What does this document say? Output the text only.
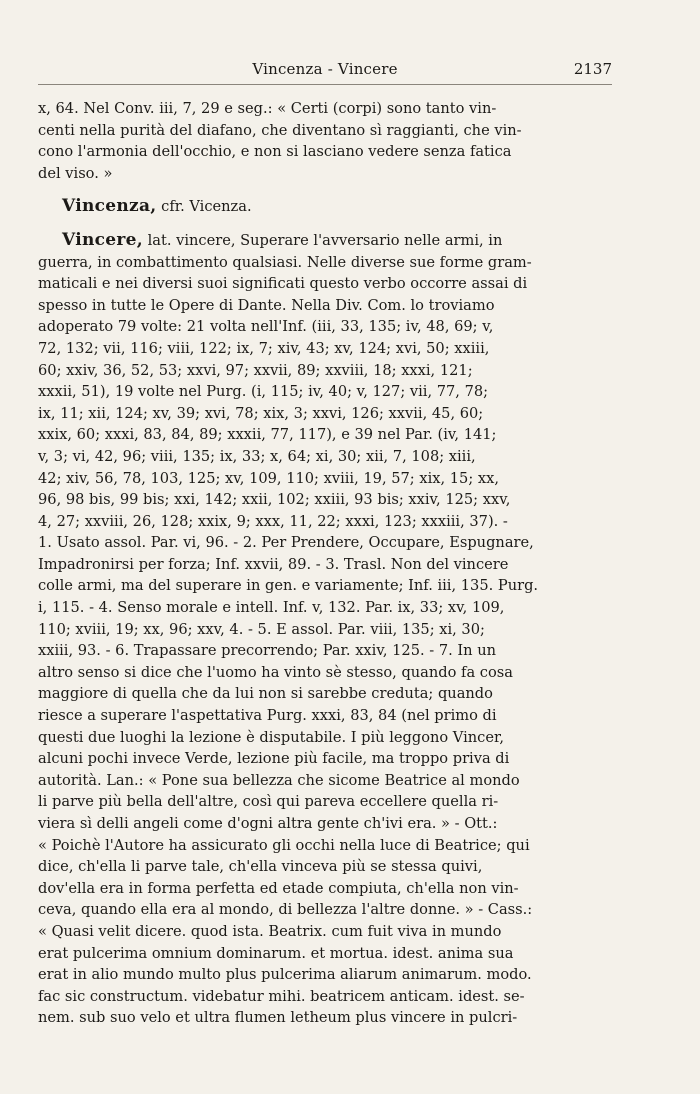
Vincenza - Vincere	2137

x, 64. Nel Conv. iii, 7, 29 e seg.: « Certi (corpi) sono tanto vin-
centi nella purità del diafano, che diventano sì raggianti, che vin-
cono l'armonia dell'occhio, e non si lasciano vedere senza fatica
del viso. »

Vincenza, cfr. Vicenza.

Vincere, lat. vincere, Superare l'avversario nelle armi, in
guerra, in combattimento qualsiasi. Nelle diverse sue forme gram-
maticali e nei diversi suoi significati questo verbo occorre assai di
spesso in tutte le Opere di Dante. Nella Div. Com. lo troviamo
adoperato 79 volte: 21 volta nell'Inf. (iii, 33, 135; iv, 48, 69; v,
72, 132; vii, 116; viii, 122; ix, 7; xiv, 43; xv, 124; xvi, 50; xxiii,
60; xxiv, 36, 52, 53; xxvi, 97; xxvii, 89; xxviii, 18; xxxi, 121;
xxxii, 51), 19 volte nel Purg. (i, 115; iv, 40; v, 127; vii, 77, 78;
ix, 11; xii, 124; xv, 39; xvi, 78; xix, 3; xxvi, 126; xxvii, 45, 60;
xxix, 60; xxxi, 83, 84, 89; xxxii, 77, 117), e 39 nel Par. (iv, 141;
v, 3; vi, 42, 96; viii, 135; ix, 33; x, 64; xi, 30; xii, 7, 108; xiii,
42; xiv, 56, 78, 103, 125; xv, 109, 110; xviii, 19, 57; xix, 15; xx,
96, 98 bis, 99 bis; xxi, 142; xxii, 102; xxiii, 93 bis; xxiv, 125; xxv,
4, 27; xxviii, 26, 128; xxix, 9; xxx, 11, 22; xxxi, 123; xxxiii, 37). -
1. Usato assol. Par. vi, 96. - 2. Per Prendere, Occupare, Espugnare,
Impadronirsi per forza; Inf. xxvii, 89. - 3. Trasl. Non del vincere
colle armi, ma del superare in gen. e variamente; Inf. iii, 135. Purg.
i, 115. - 4. Senso morale e intell. Inf. v, 132. Par. ix, 33; xv, 109,
110; xviii, 19; xx, 96; xxv, 4. - 5. E assol. Par. viii, 135; xi, 30;
xxiii, 93. - 6. Trapassare precorrendo; Par. xxiv, 125. - 7. In un
altro senso si dice che l'uomo ha vinto sè stesso, quando fa cosa
maggiore di quella che da lui non si sarebbe creduta; quando
riesce a superare l'aspettativa Purg. xxxi, 83, 84 (nel primo di
questi due luoghi la lezione è disputabile. I più leggono Vincer,
alcuni pochi invece Verde, lezione più facile, ma troppo priva di
autorità. Lan.: « Pone sua bellezza che sicome Beatrice al mondo
li parve più bella dell'altre, così qui pareva eccellere quella ri-
viera sì delli angeli come d'ogni altra gente ch'ivi era. » - Ott.:
« Poichè l'Autore ha assicurato gli occhi nella luce di Beatrice; qui
dice, ch'ella li parve tale, ch'ella vinceva più se stessa quivi,
dov'ella era in forma perfetta ed etade compiuta, ch'ella non vin-
ceva, quando ella era al mondo, di bellezza l'altre donne. » - Cass.:
« Quasi velit dicere. quod ista. Beatrix. cum fuit viva in mundo
erat pulcerima omnium dominarum. et mortua. idest. anima sua
erat in alio mundo multo plus pulcerima aliarum animarum. modo.
fac sic constructum. videbatur mihi. beatricem anticam. idest. se-
nem. sub suo velo et ultra flumen letheum plus vincere in pulcri-
